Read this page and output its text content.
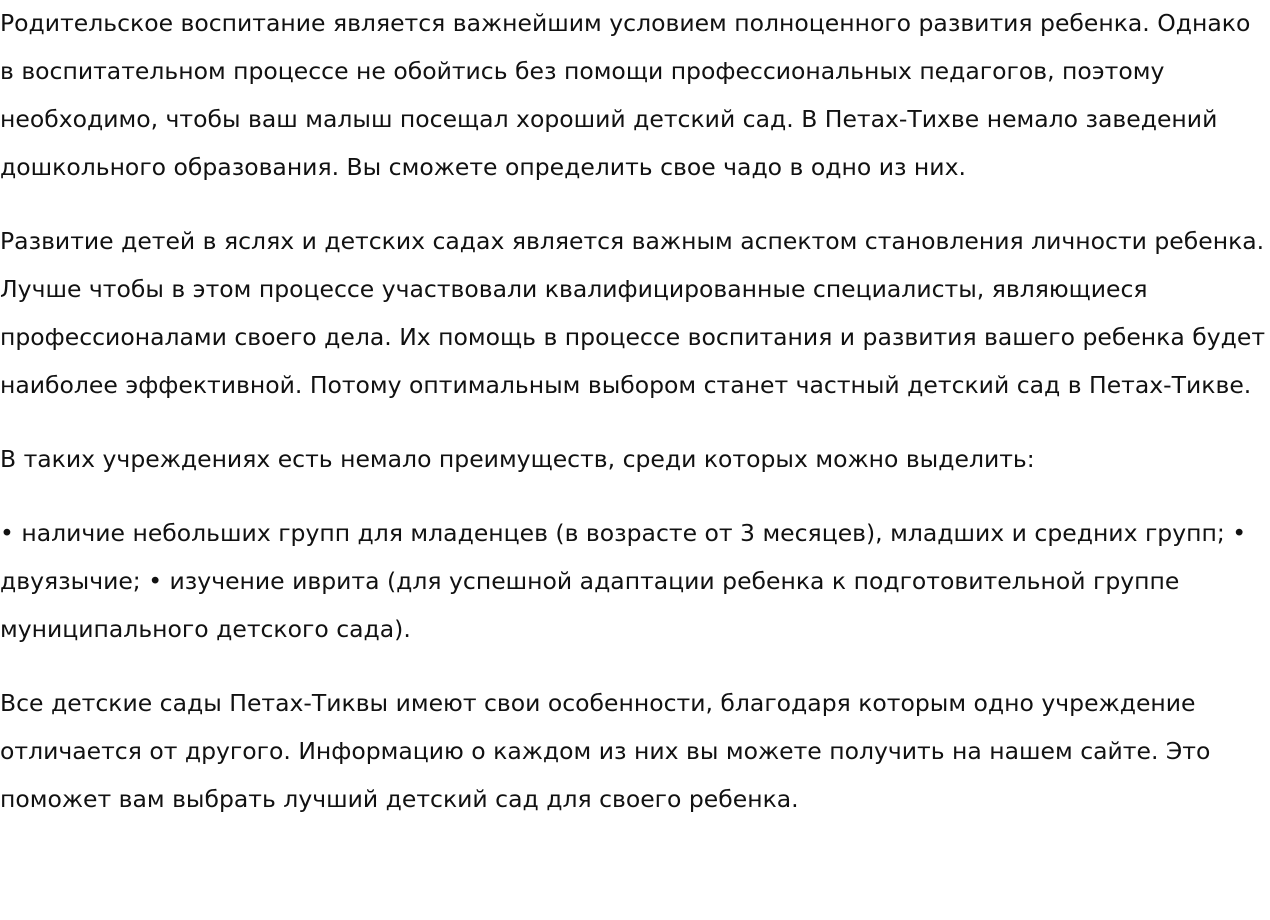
Родительское воспитание является важнейшим условием полноценного развития ребенка. Однако в воспитательном процессе не обойтись без помощи профессиональных педагогов, поэтому необходимо, чтобы ваш малыш посещал хороший детский сад. В Петах-Тихве немало заведений дошкольного образования. Вы сможете определить свое чадо в одно из них.

Развитие детей в яслях и детских садах является важным аспектом становления личности ребенка. Лучше чтобы в этом процессе участвовали квалифицированные специалисты, являющиеся профессионалами своего дела. Их помощь в процессе воспитания и развития вашего ребенка будет наиболее эффективной. Потому оптимальным выбором станет частный детский сад в Петах-Тикве.

В таких учреждениях есть немало преимуществ, среди которых можно выделить:

• наличие небольших групп для младенцев (в возрасте от 3 месяцев), младших и средних групп; • двуязычие; • изучение иврита (для успешной адаптации ребенка к подготовительной группе муниципального детского сада).

Все детские сады Петах-Тиквы имеют свои особенности, благодаря которым одно учреждение отличается от другого. Информацию о каждом из них вы можете получить на нашем сайте. Это поможет вам выбрать лучший детский сад для своего ребенка.
